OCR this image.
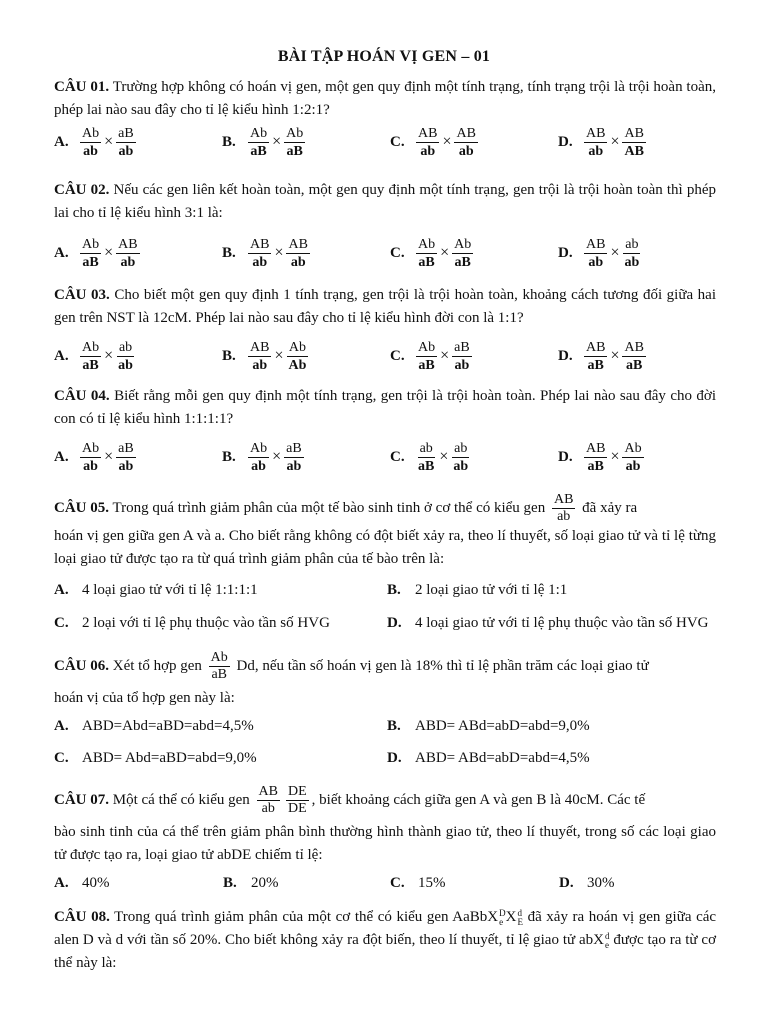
BÀI TẬP HOÁN VỊ GEN – 01
CÂU 01. Trường hợp không có hoán vị gen, một gen quy định một tính trạng, tính trạng trội là trội hoàn toàn, phép lai nào sau đây cho tỉ lệ kiểu hình 1:2:1?
A. $\frac{Ab}{ab} \times \frac{aB}{ab}$	B. $\frac{Ab}{aB} \times \frac{Ab}{aB}$	C. $\frac{AB}{ab} \times \frac{AB}{ab}$	D. $\frac{AB}{ab} \times \frac{AB}{AB}$
CÂU 02. Nếu các gen liên kết hoàn toàn, một gen quy định một tính trạng, gen trội là trội hoàn toàn thì phép lai cho tỉ lệ kiểu hình 3:1 là:
A. $\frac{Ab}{aB} \times \frac{AB}{ab}$	B. $\frac{AB}{ab} \times \frac{AB}{ab}$	C. $\frac{Ab}{aB} \times \frac{Ab}{aB}$	D. $\frac{AB}{ab} \times \frac{ab}{ab}$
CÂU 03. Cho biết một gen quy định 1 tính trạng, gen trội là trội hoàn toàn, khoảng cách tương đối giữa hai gen trên NST là 12cM. Phép lai nào sau đây cho tỉ lệ kiểu hình đời con là 1:1?
A. $\frac{Ab}{aB} \times \frac{ab}{ab}$	B. $\frac{AB}{ab} \times \frac{Ab}{Ab}$	C. $\frac{Ab}{aB} \times \frac{aB}{ab}$	D. $\frac{AB}{aB} \times \frac{AB}{aB}$
CÂU 04. Biết rằng mỗi gen quy định một tính trạng, gen trội là trội hoàn toàn. Phép lai nào sau đây cho đời con có tỉ lệ kiểu hình 1:1:1:1?
A. $\frac{Ab}{ab} \times \frac{aB}{ab}$	B. $\frac{Ab}{ab} \times \frac{aB}{ab}$	C. $\frac{ab}{aB} \times \frac{ab}{ab}$	D. $\frac{AB}{aB} \times \frac{Ab}{ab}$
CÂU 05. Trong quá trình giảm phân của một tế bào sinh tinh ở cơ thể có kiểu gen $\frac{AB}{ab}$ đã xảy ra
hoán vị gen giữa gen A và a. Cho biết rằng không có đột biết xảy ra, theo lí thuyết, số loại giao tử và tỉ lệ từng loại giao tử được tạo ra từ quá trình giảm phân của tế bào trên là:
A. 4 loại giao tử với tỉ lệ 1:1:1:1	B. 2 loại giao tử với tỉ lệ 1:1
C. 2 loại với tỉ lệ phụ thuộc vào tần số HVG	D. 4 loại giao tử với tỉ lệ phụ thuộc vào tần số HVG
CÂU 06. Xét tổ hợp gen $\frac{Ab}{aB} Dd$, nếu tần số hoán vị gen là 18% thì tỉ lệ phần trăm các loại giao tử
hoán vị của tổ hợp gen này là:
A. ABD=Abd=aBD=abd=4,5%	B. ABD= ABd=abD=abd=9,0%
C. ABD= Abd=aBD=abd=9,0%	D. ABD= ABd=abD=abd=4,5%
CÂU 07. Một cá thể có kiểu gen $\frac{AB}{ab} \frac{DE}{DE}$ , biết khoảng cách giữa gen A và gen B là 40cM. Các tế
bào sinh tinh của cá thể trên giảm phân bình thường hình thành giao tử, theo lí thuyết, trong số các loại giao tử được tạo ra, loại giao tử abDE chiếm tỉ lệ:
A. 40%	B. 20%	C. 15%	D. 30%
CÂU 08. Trong quá trình giảm phân của một cơ thể có kiểu gen AaBbX D
e X d
E đã xảy ra hoán vị gen giữa các alen D và d với tần số 20%. Cho biết không xảy ra đột biến, theo lí thuyết, tỉ lệ giao tử abX d
e được tạo ra từ cơ thể này là:
